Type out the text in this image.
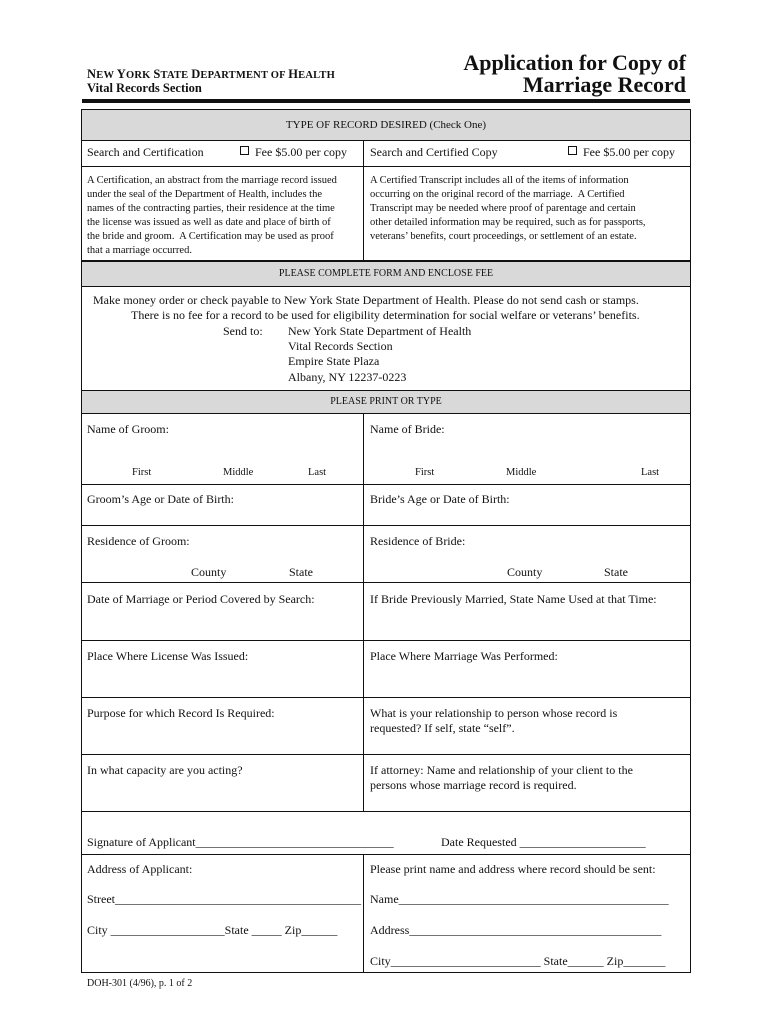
NEW YORK STATE DEPARTMENT OF HEALTH
Vital Records Section
Application for Copy of
Marriage Record
TYPE OF RECORD DESIRED (Check One)
Search and Certification	Fee $5.00 per copy Search and Certified Copy	Fee $5.00 per copy
A Certification, an abstract from the marriage record issued
under the seal of the Department of Health, includes the
names of the contracting parties, their residence at the time
the license was issued as well as date and place of birth of
the bride and groom.  A Certification may be used as proof
that a marriage occurred.
A Certified Transcript includes all of the items of information
occurring on the original record of the marriage.  A Certified
Transcript may be needed where proof of parentage and certain
other detailed information may be required, such as for passports,
veterans’ benefits, court proceedings, or settlement of an estate.
PLEASE COMPLETE FORM AND ENCLOSE FEE
Make money order or check payable to New York State Department of Health. Please do not send cash or stamps.
There is no fee for a record to be used for eligibility determination for social welfare or veterans’ benefits.
Send to: New York State Department of Health
Vital Records Section
Empire State Plaza
Albany, NY 12237-0223
PLEASE PRINT OR TYPE
Name of Groom:	Name of Bride:
First	Middle	Last	First	Middle	Last
Groom’s Age or Date of Birth:	Bride’s Age or Date of Birth:
Residence of Groom:	Residence of Bride:
County	State	County	State
Date of Marriage or Period Covered by Search:	If Bride Previously Married, State Name Used at that Time:
Place Where License Was Issued:	Place Where Marriage Was Performed:
Purpose for which Record Is Required:	What is your relationship to person whose record is
requested? If self, state “self”.
In what capacity are you acting?	If attorney: Name and relationship of your client to the
persons whose marriage record is required.
Signature of Applicant_________________________________	Date Requested _____________________
Address of Applicant:	Please print name and address where record should be sent:
Street_________________________________________ Name_____________________________________________
City ___________________State _____ Zip______	Address__________________________________________
City_________________________ State______ Zip_______
DOH-301 (4/96), p. 1 of 2
